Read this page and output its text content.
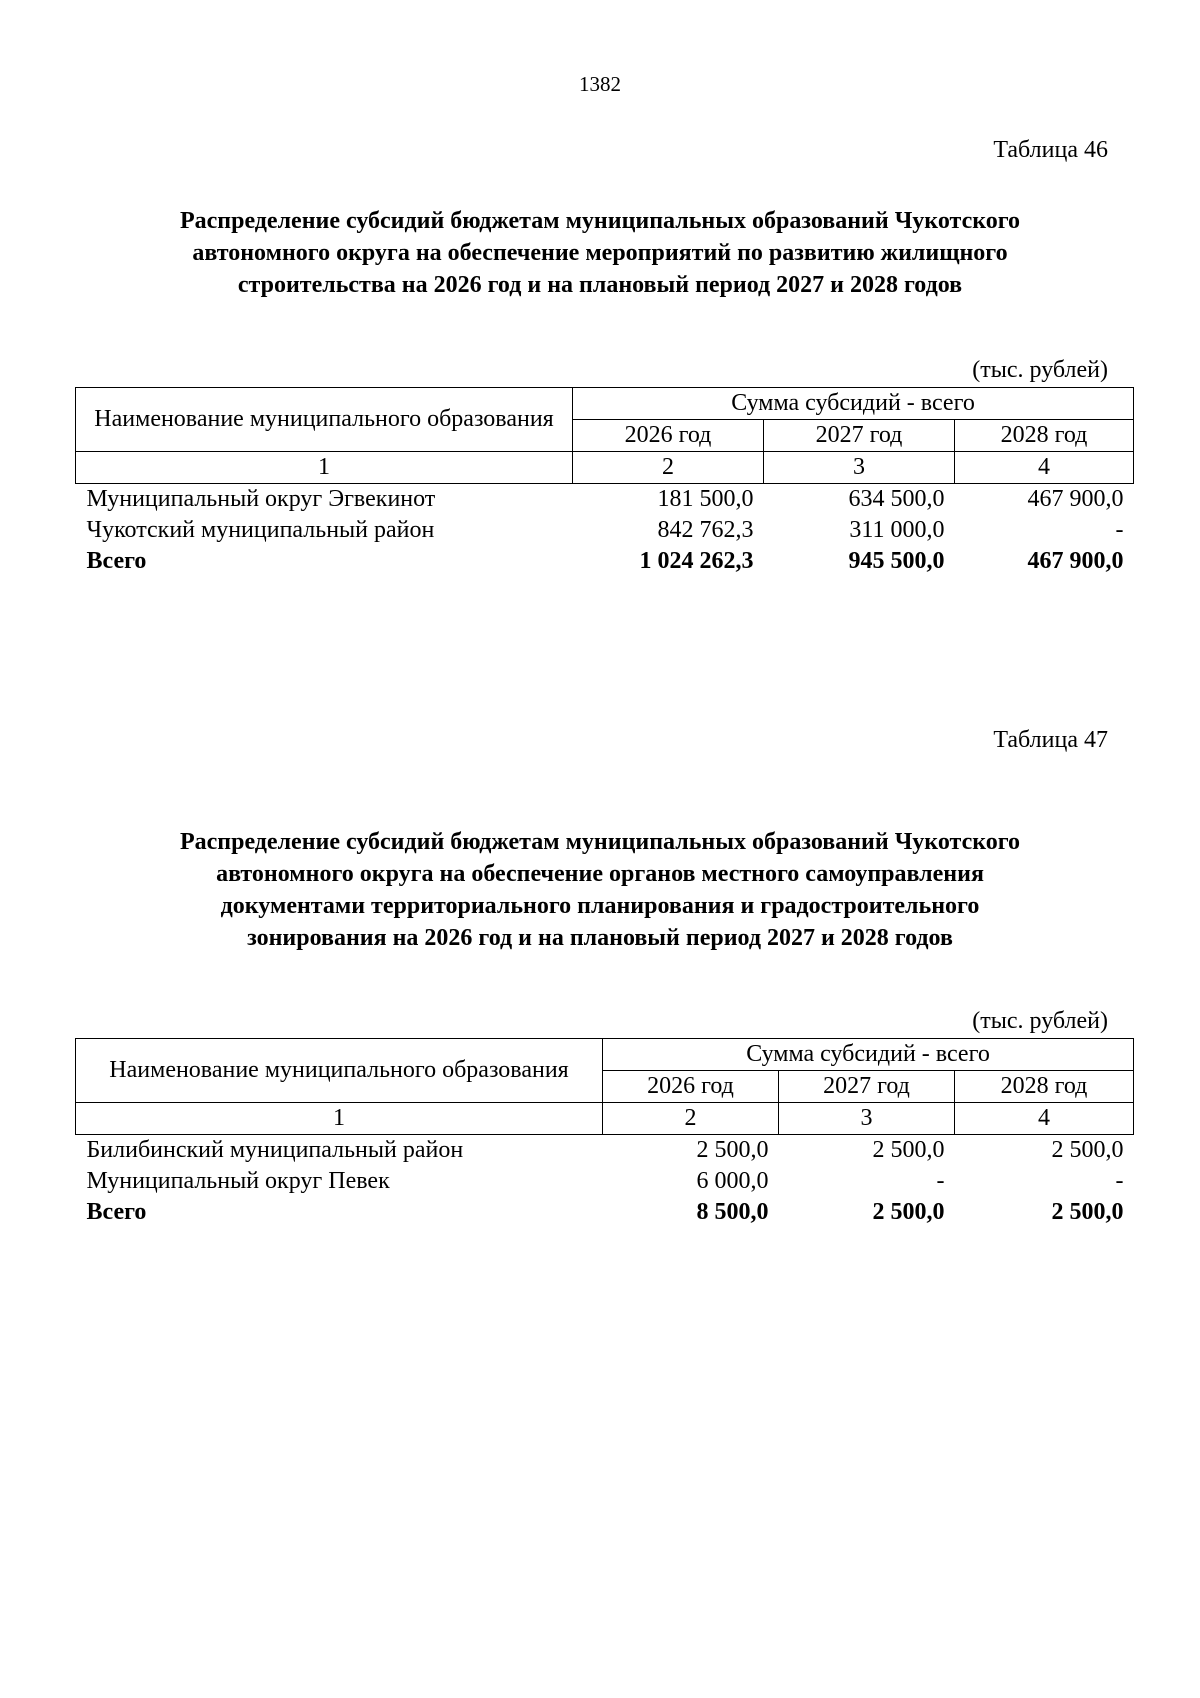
1382
Таблица 46
Распределение субсидий бюджетам муниципальных образований Чукотского
автономного округа на обеспечение мероприятий по развитию жилищного
строительства на 2026 год и на плановый период 2027 и 2028 годов
(тыс. рублей)
Наименование муниципального образования	Сумма субсидий - всего		
	2026 год	2027 год	2028 год
1	2	3	4
Муниципальный округ Эгвекинот	181 500,0	634 500,0	467 900,0
Чукотский муниципальный район	842 762,3	311 000,0	-
Всего	1 024 262,3	945 500,0	467 900,0
Таблица 47
Распределение субсидий бюджетам муниципальных образований Чукотского
автономного округа на обеспечение органов местного самоуправления
документами территориального планирования и градостроительного
зонирования на 2026 год и на плановый период 2027 и 2028 годов
(тыс. рублей)
Наименование муниципального образования	Сумма субсидий - всего		
	2026 год	2027 год	2028 год
1	2	3	4
Билибинский муниципальный район	2 500,0	2 500,0	2 500,0
Муниципальный округ Певек	6 000,0	-	-
Всего	8 500,0	2 500,0	2 500,0
